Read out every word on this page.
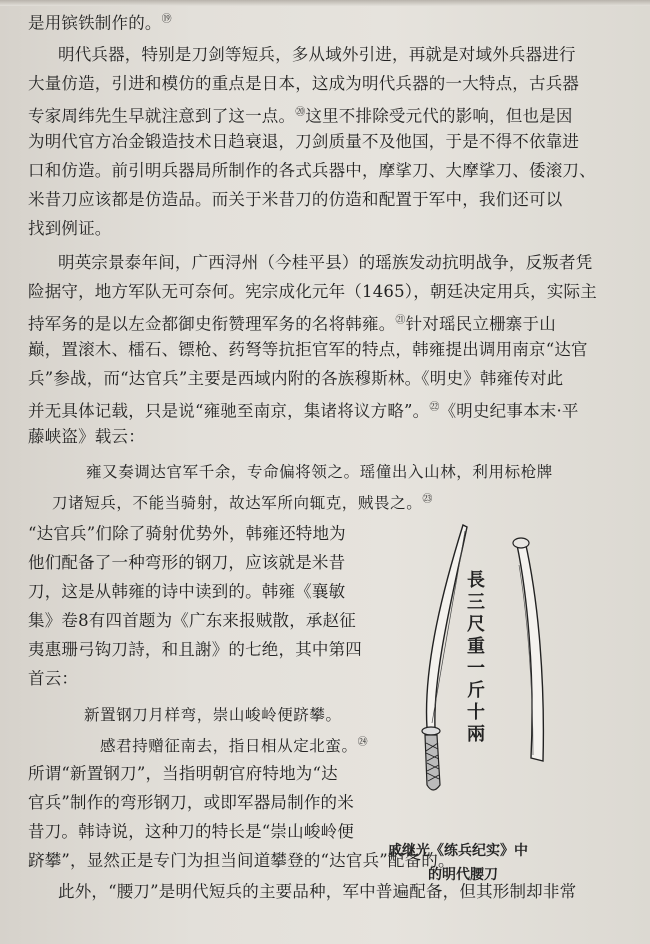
是用镔铁制作的。⑲
明代兵器，特别是刀剑等短兵，多从域外引进，再就是对域外兵器进行
大量仿造，引进和模仿的重点是日本，这成为明代兵器的一大特点，古兵器
专家周纬先生早就注意到了这一点。⑳这里不排除受元代的影响，但也是因
为明代官方冶金锻造技术日趋衰退，刀剑质量不及他国，于是不得不依靠进
口和仿造。前引明兵器局所制作的各式兵器中，摩挲刀、大摩挲刀、倭滚刀、
米昔刀应该都是仿造品。而关于米昔刀的仿造和配置于军中，我们还可以
找到例证。
明英宗景泰年间，广西浔州（今桂平县）的瑶族发动抗明战争，反叛者凭
险据守，地方军队无可奈何。宪宗成化元年（1465），朝廷决定用兵，实际主
持军务的是以左佥都御史衔赞理军务的名将韩雍。$^㉑$针对瑶民立栅寨于山
巅，置滚木、檑石、镖枪、药弩等抗拒官军的特点，韩雍提出调用南京“达官
兵”参战，而“达官兵”主要是西域内附的各族穆斯林。《明史》韩雍传对此
并无具体记载，只是说“雍驰至南京，集诸将议方略”。$^㉒$《明史纪事本末·平
藤峡盗》载云：
雍又奏调达官军千余，专命偏将领之。瑶僮出入山林，利用标枪牌
刀诸短兵，不能当骑射，故达军所向辄克，贼畏之。$^㉓$
“达官兵”们除了骑射优势外，韩雍还特地为
他们配备了一种弯形的钢刀，应该就是米昔
刀，这是从韩雍的诗中读到的。韩雍《襄敏
集》卷8有四首题为《广东来报贼散，承赵征
夷惠珊弓钩刀詩，和且謝》的七绝，其中第四
首云：
新置钢刀月样弯，崇山峻岭便跻攀。
感君持赠征南去，指日相从定北蛮。$^㉔$
所谓“新置钢刀”，当指明朝官府特地为“达
官兵”制作的弯形钢刀，或即军器局制作的米
昔刀。韩诗说，这种刀的特长是“崇山峻岭便
跻攀”，显然正是专门为担当间道攀登的“达官兵”配备的。
此外，“腰刀”是明代短兵的主要品种，军中普遍配备，但其形制却非常
長
三
尺
重
一
斤
十
兩
戚继光《练兵纪实》中
的明代腰刀
